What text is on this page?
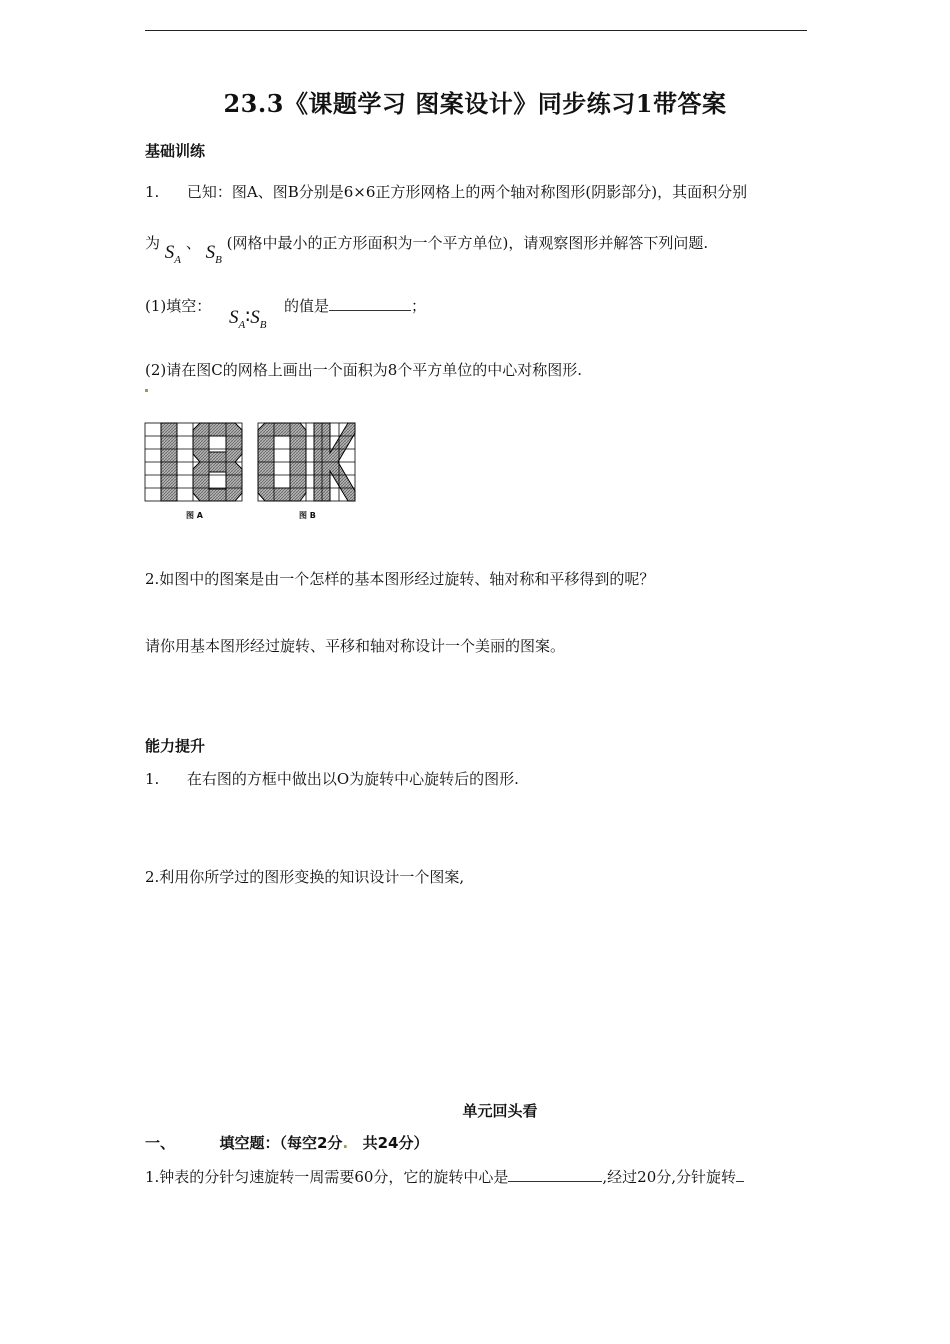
23.3《课题学习 图案设计》同步练习1带答案
基础训练
1. 已知：图A、图B分别是6×6正方形网格上的两个轴对称图形(阴影部分)，其面积分别
为 $S_A$ 、 $S_B$ (网格中最小的正方形面积为一个平方单位)，请观察图形并解答下列问题.
(1)填空：
$S_A∶S_B$
的值是	；
(2)请在图C的网格上画出一个面积为8个平方单位的中心对称图形.
图 A	图 B
2.如图中的图案是由一个怎样的基本图形经过旋转、轴对称和平移得到的呢？
请你用基本图形经过旋转、平移和轴对称设计一个美丽的图案。
能力提升
1. 在右图的方框中做出以O为旋转中心旋转后的图形.
2.利用你所学过的图形变换的知识设计一个图案,
单元回头看
一、	填空题：（每空2分. 共24分）
1.钟表的分针匀速旋转一周需要60分，它的旋转中心是	,经过20分,分针旋转
